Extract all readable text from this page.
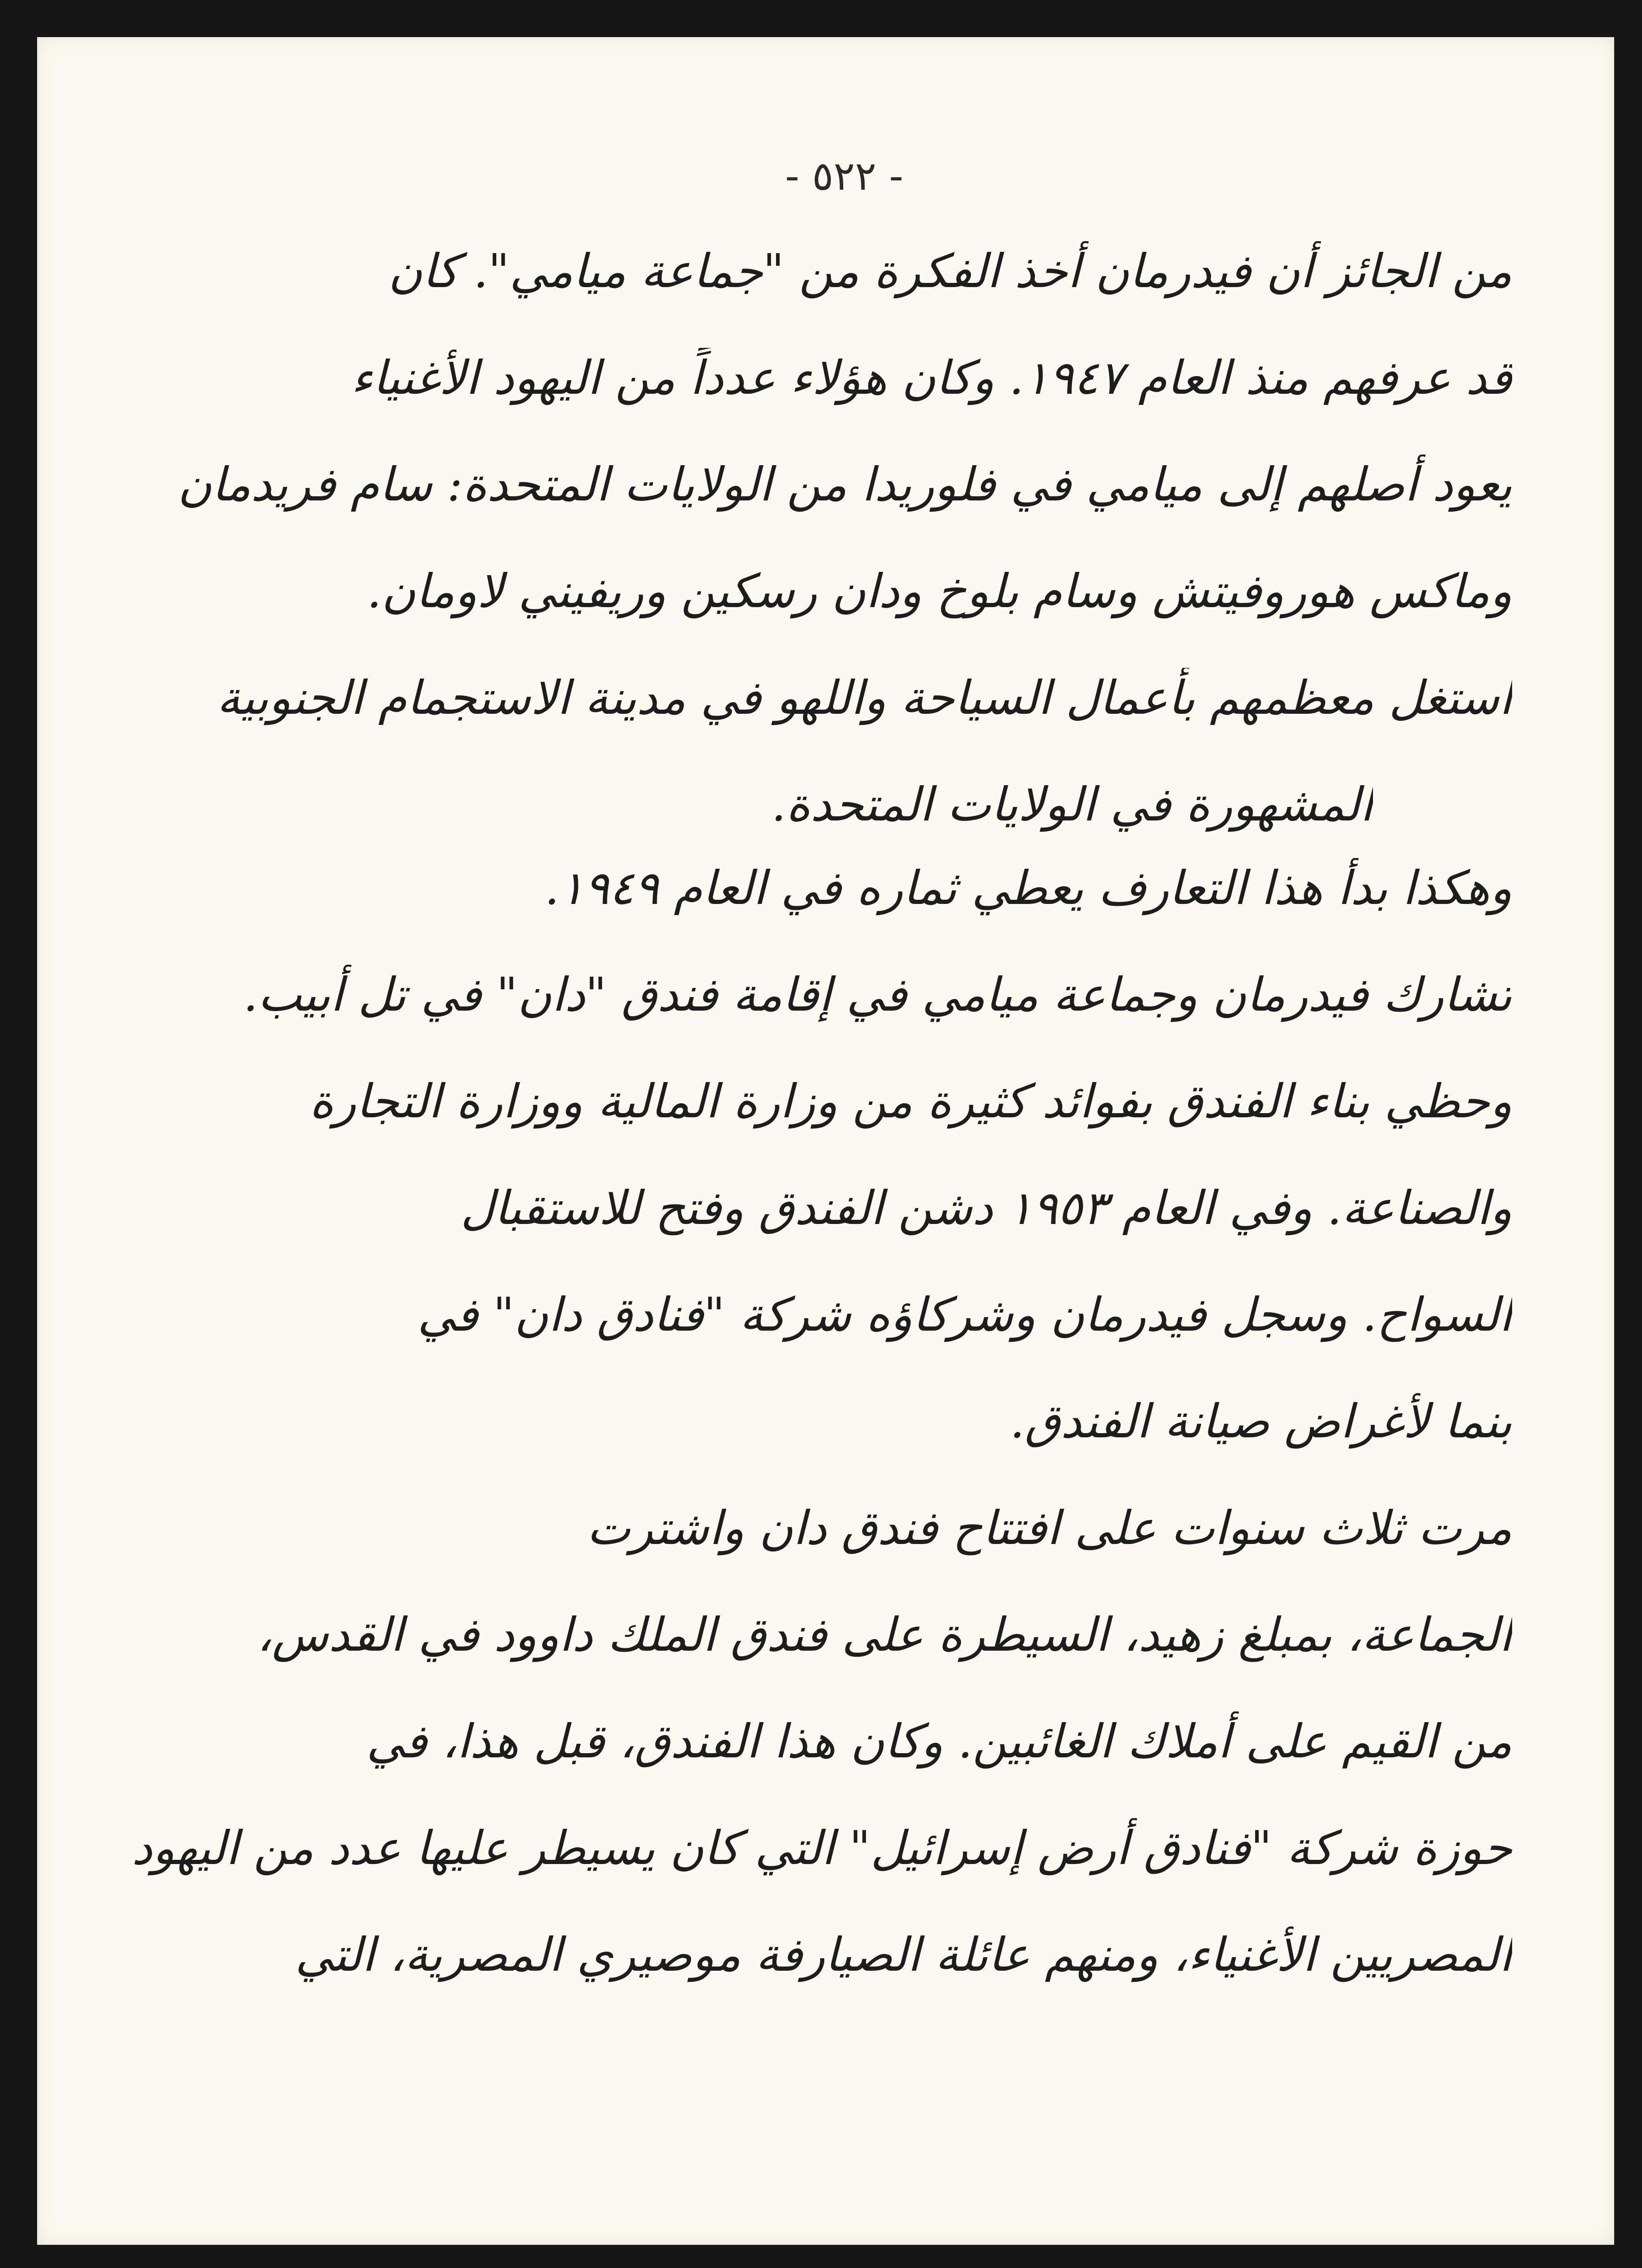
- ٥٢٢ -
من الجائز أن فيدرمان أخذ الفكرة من "جماعة ميامي". كان
قد عرفهم منذ العام ١٩٤٧. وكان هؤلاء عدداً من اليهود الأغنياء
يعود أصلهم إلى ميامي في فلوريدا من الولايات المتحدة: سام فريدمان
وماكس هوروفيتش وسام بلوخ ودان رسكين وريفيني لاومان.
استغل معظمهم بأعمال السياحة واللهو في مدينة الاستجمام الجنوبية
المشهورة في الولايات المتحدة.
وهكذا بدأ هذا التعارف يعطي ثماره في العام ١٩٤٩.
تشارك فيدرمان وجماعة ميامي في إقامة فندق "دان" في تل أبيب.
وحظي بناء الفندق بفوائد كثيرة من وزارة المالية ووزارة التجارة
والصناعة. وفي العام ١٩٥٣ دشن الفندق وفتح للاستقبال
السواح. وسجل فيدرمان وشركاؤه شركة "فنادق دان" في
بنما لأغراض صيانة الفندق.
مرت ثلاث سنوات على افتتاح فندق دان واشترت
الجماعة، بمبلغ زهيد، السيطرة على فندق الملك داوود في القدس،
من القيم على أملاك الغائبين. وكان هذا الفندق، قبل هذا، في
حوزة شركة "فنادق أرض إسرائيل" التي كان يسيطر عليها عدد من اليهود
المصريين الأغنياء، ومنهم عائلة الصيارفة موصيري المصرية، التي
